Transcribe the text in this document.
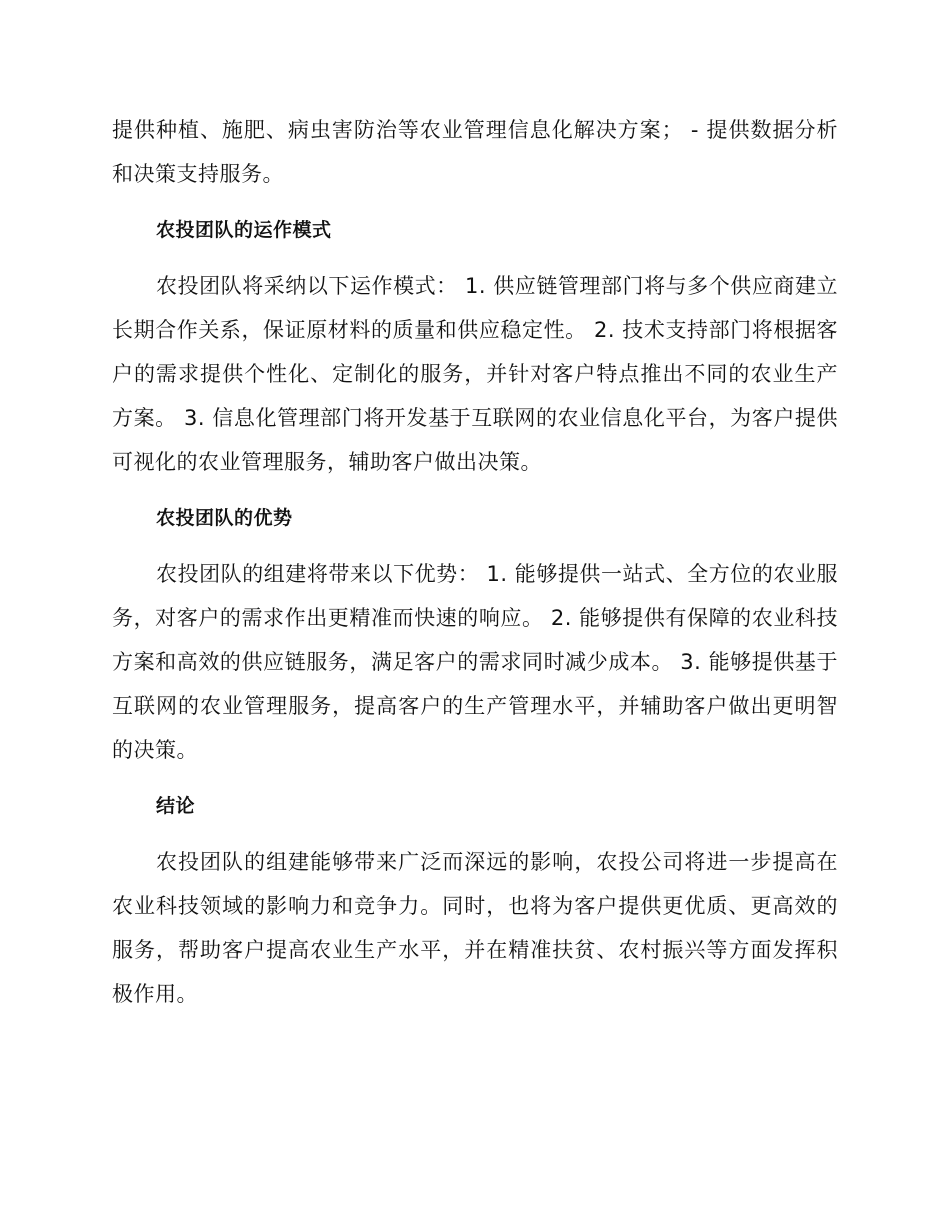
提供种植、施肥、病虫害防治等农业管理信息化解决方案； - 提供数据分析和决策支持服务。

农投团队的运作模式

农投团队将采纳以下运作模式： 1. 供应链管理部门将与多个供应商建立长期合作关系，保证原材料的质量和供应稳定性。 2. 技术支持部门将根据客户的需求提供个性化、定制化的服务，并针对客户特点推出不同的农业生产方案。 3. 信息化管理部门将开发基于互联网的农业信息化平台，为客户提供可视化的农业管理服务，辅助客户做出决策。

农投团队的优势

农投团队的组建将带来以下优势： 1. 能够提供一站式、全方位的农业服务，对客户的需求作出更精准而快速的响应。 2. 能够提供有保障的农业科技方案和高效的供应链服务，满足客户的需求同时减少成本。 3. 能够提供基于互联网的农业管理服务，提高客户的生产管理水平，并辅助客户做出更明智的决策。

结论

农投团队的组建能够带来广泛而深远的影响，农投公司将进一步提高在农业科技领域的影响力和竞争力。同时，也将为客户提供更优质、更高效的服务，帮助客户提高农业生产水平，并在精准扶贫、农村振兴等方面发挥积极作用。
